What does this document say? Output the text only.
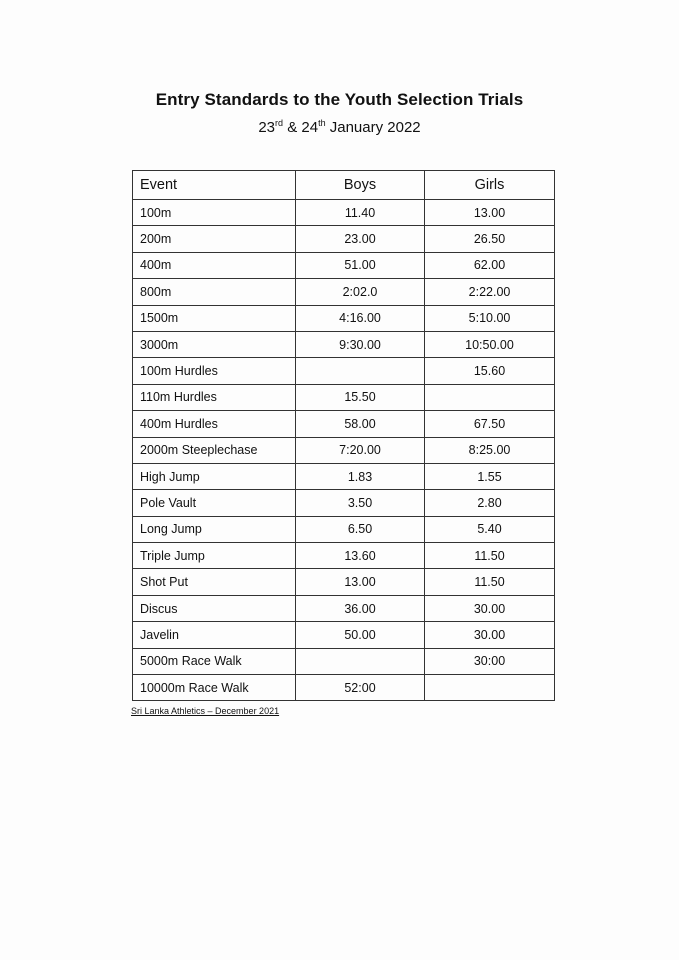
Entry Standards to the Youth Selection Trials
23rd & 24th January 2022
Event	Boys	Girls
100m	11.40	13.00
200m	23.00	26.50
400m	51.00	62.00
800m	2:02.0	2:22.00
1500m	4:16.00	5:10.00
3000m	9:30.00	10:50.00
100m Hurdles		15.60
110m Hurdles	15.50	
400m Hurdles	58.00	67.50
2000m Steeplechase	7:20.00	8:25.00
High Jump	1.83	1.55
Pole Vault	3.50	2.80
Long Jump	6.50	5.40
Triple Jump	13.60	11.50
Shot Put	13.00	11.50
Discus	36.00	30.00
Javelin	50.00	30.00
5000m Race Walk		30:00
10000m Race Walk	52:00	
Sri Lanka Athletics – December 2021
